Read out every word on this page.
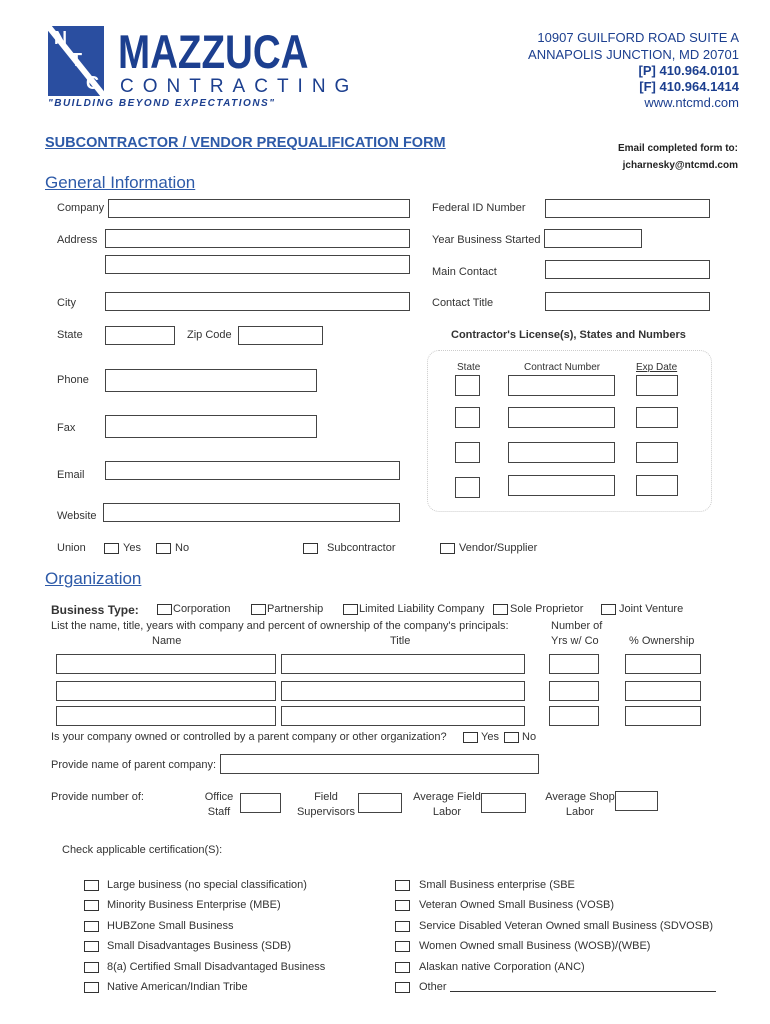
N
T
C
MAZZUCA
CONTRACTING
"BUILDING BEYOND EXPECTATIONS"
10907 GUILFORD ROAD SUITE A
ANNAPOLIS JUNCTION, MD 20701
[P] 410.964.0101
[F] 410.964.1414
www.ntcmd.com
SUBCONTRACTOR / VENDOR PREQUALIFICATION FORM	Email completed form to:
jcharnesky@ntcmd.com
General Information
Company
Address
City
State	Zip Code
Phone
Fax
Email
Website
Union	Yes	No	Subcontractor	Vendor/Supplier
Federal ID Number
Year Business Started
Main Contact
Contact Title
Contractor's License(s), States and Numbers
State	Contract Number	Exp Date
Organization
Business Type:	Corporation	Partnership	Limited Liability Company Sole Proprietor	Joint Venture
List the name, title, years with company and percent of ownership of the company's principals:
Name	Title
Number of
Yrs w/ Co	% Ownership
Is your company owned or controlled by a parent company or other organization?	Yes No
Provide name of parent company:
Provide number of:	Office
Staff
Field
Supervisors
Average Field
Labor
Average Shop
Labor
Check applicable certification(S):
Large business (no special classification)
Minority Business Enterprise (MBE)
HUBZone Small Business
Small Disadvantages Business (SDB)
8(a) Certified Small Disadvantaged Business
Native American/Indian Tribe
Small Business enterprise (SBE
Veteran Owned Small Business (VOSB)
Service Disabled Veteran Owned small Business (SDVOSB)
Women Owned small Business (WOSB)/(WBE)
Alaskan native Corporation (ANC)
Other
